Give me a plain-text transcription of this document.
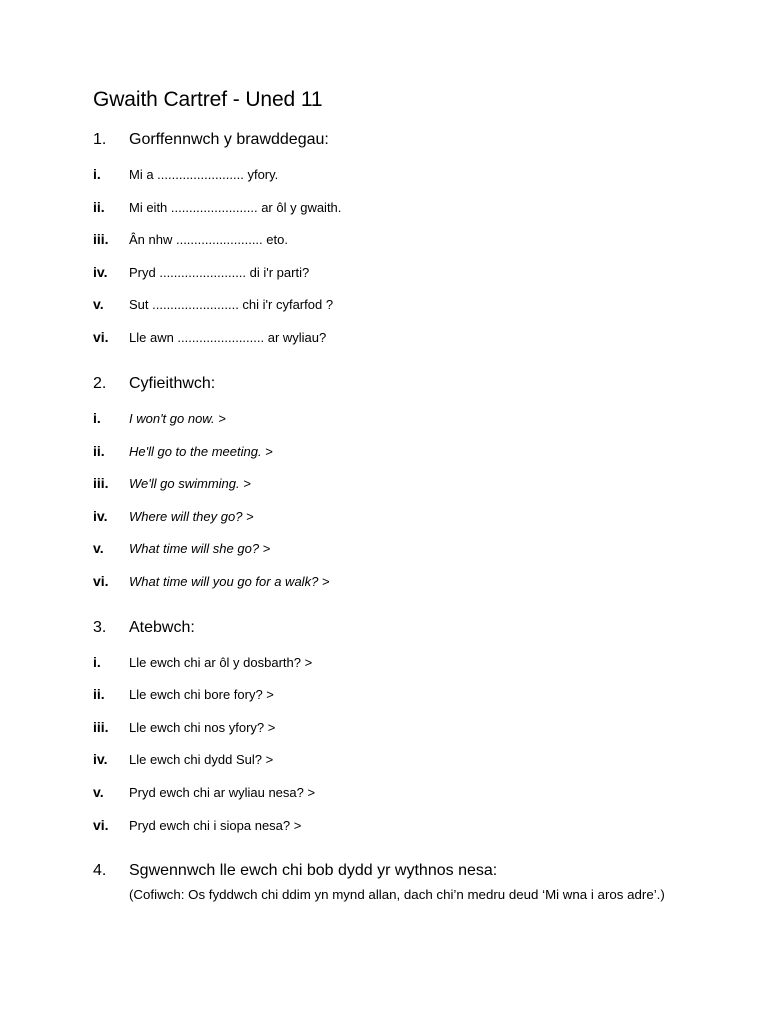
Gwaith Cartref - Uned 11
1.	Gorffennwch y brawddegau:
i. Mi a ........................ yfory.
ii. Mi eith ........................ ar ôl y gwaith.
iii. Ân nhw ........................ eto.
iv. Pryd ........................ di i'r parti?
v. Sut ........................ chi i'r cyfarfod ?
vi. Lle awn ........................ ar wyliau?
2.	Cyfieithwch:
i. I won't go now. >
ii. He'll go to the meeting. >
iii. We'll go swimming. >
iv. Where will they go? >
v. What time will she go? >
vi. What time will you go for a walk? >
3.	Atebwch:
i. Lle ewch chi ar ôl y dosbarth? >
ii. Lle ewch chi bore fory? >
iii. Lle ewch chi nos yfory? >
iv. Lle ewch chi dydd Sul? >
v. Pryd ewch chi ar wyliau nesa? >
vi. Pryd ewch chi i siopa nesa? >
4.	Sgwennwch lle ewch chi bob dydd yr wythnos nesa:
(Cofiwch: Os fyddwch chi ddim yn mynd allan, dach chi’n medru deud ‘Mi wna i aros adre’.)
